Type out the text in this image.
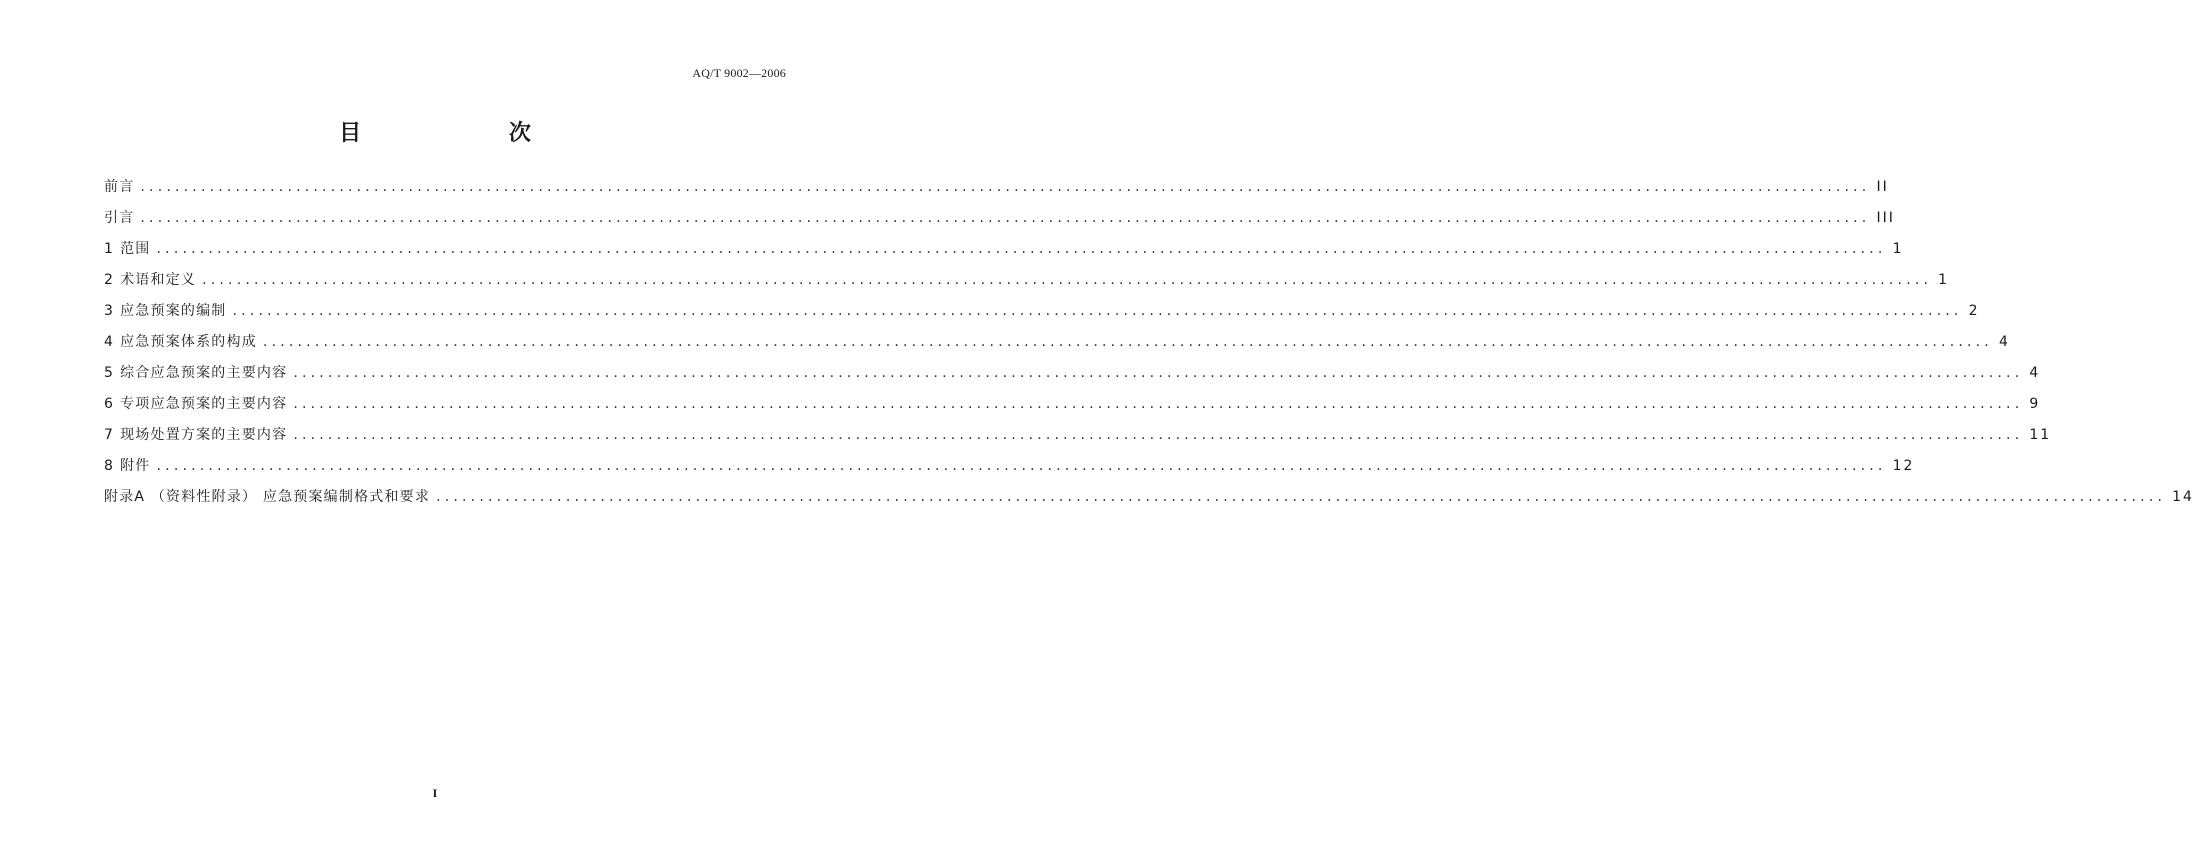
AQ/T 9002—2006
目 次
前言 ........................................................................................................................................................................................................ II
引言 ........................................................................................................................................................................................................ III
1 范围 ........................................................................................................................................................................................................ 1
2 术语和定义 ........................................................................................................................................................................................................ 1
3 应急预案的编制 ........................................................................................................................................................................................................ 2
4 应急预案体系的构成 ........................................................................................................................................................................................................ 4
5 综合应急预案的主要内容 ........................................................................................................................................................................................................ 4
6 专项应急预案的主要内容 ........................................................................................................................................................................................................ 9
7 现场处置方案的主要内容 ........................................................................................................................................................................................................ 11
8 附件 ........................................................................................................................................................................................................ 12
附录A （资料性附录） 应急预案编制格式和要求 ........................................................................................................................................................................................................ 14
I
